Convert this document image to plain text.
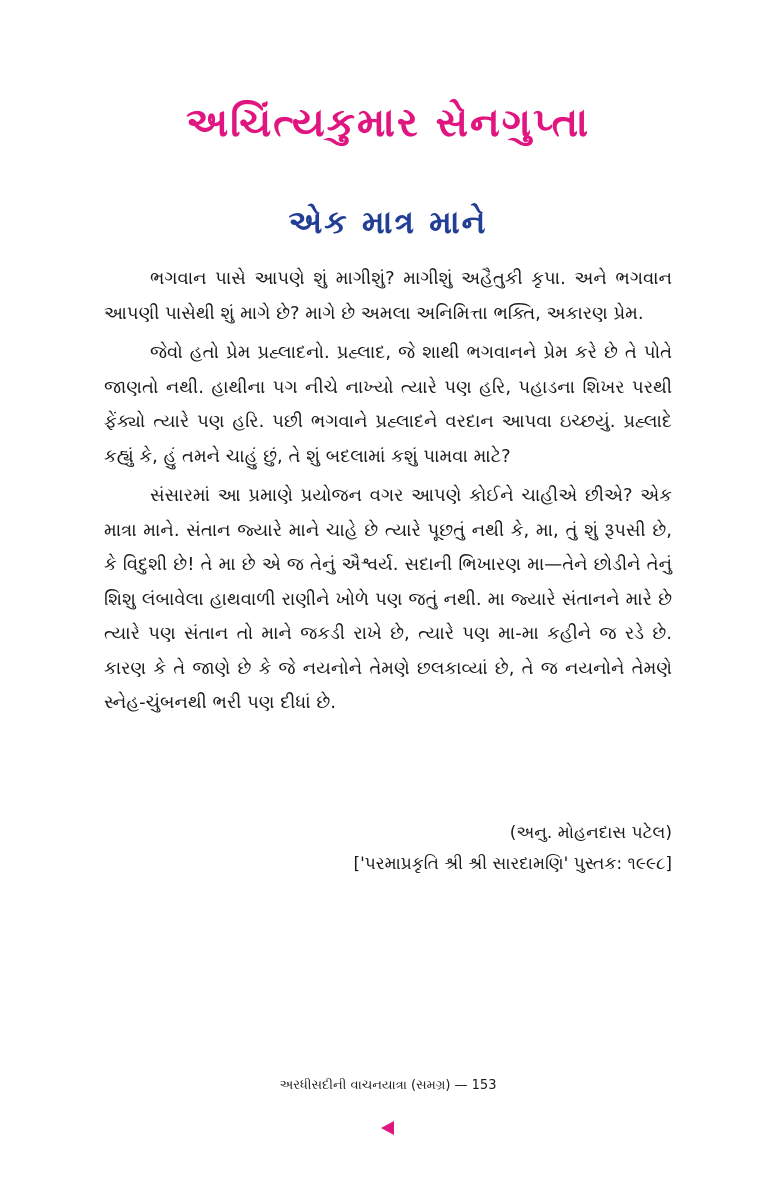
અચિંત્યકુમાર સેનગુપ્તા
એક માત્ર માને

ભગવાન પાસે આપણે શું માગીશું? માગીશું અહૈતુકી કૃપા. અને ભગવાન આપણી પાસેથી શું માગે છે? માગે છે અમલા અનિમિત્તા ભક્તિ, અકારણ પ્રેમ.

જેવો હતો પ્રેમ પ્રહ્લાદનો. પ્રહ્લાદ, જે શાથી ભગવાનને પ્રેમ કરે છે તે પોતે જાણતો નથી. હાથીના પગ નીચે નાખ્યો ત્યારે પણ હરિ, પહાડના શિખર પરથી ફેંક્યો ત્યારે પણ હરિ. પછી ભગવાને પ્રહ્લાદને વરદાન આપવા ઇચ્છયું. પ્રહ્લાદે કહ્યું કે, હું તમને ચાહું છું, તે શું બદલામાં કશું પામવા માટે?

સંસારમાં આ પ્રમાણે પ્રયોજન વગર આપણે કોઈને ચાહીએ છીએ? એક માત્રા માને. સંતાન જ્યારે માને ચાહે છે ત્યારે પૂછતું નથી કે, મા, તું શું રૂપસી છે, કે વિદુશી છે! તે મા છે એ જ તેનું ઐશ્વર્ય. સદાની ભિખારણ મા—તેને છોડીને તેનું શિશુ લંબાવેલા હાથવાળી રાણીને ખોળે પણ જતું નથી. મા જ્યારે સંતાનને મારે છે ત્યારે પણ સંતાન તો માને જકડી રાખે છે, ત્યારે પણ મા-મા કહીને જ રડે છે. કારણ કે તે જાણે છે કે જે નયનોને તેમણે છલકાવ્યાં છે, તે જ નયનોને તેમણે સ્નેહ-ચુંબનથી ભરી પણ દીધાં છે.

(અનુ. મોહનદાસ પટેલ)
['પરમાપ્રકૃતિ શ્રી શ્રી સારદામણિ' પુસ્તક: ૧૯૯૮]
અરધીસદીની વાચનયાત્રા (સમગ્ર) — 153
